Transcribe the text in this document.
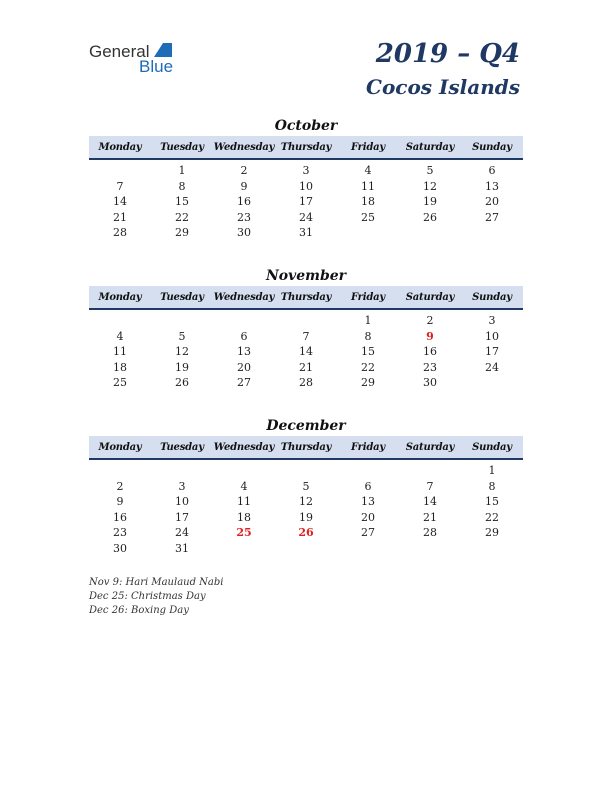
General
Blue	2019 – Q4
Cocos Islands
October
Monday	Tuesday	Wednesday	Thursday	Friday	Saturday	Sunday
	1	2	3	4	5	6
7	8	9	10	11	12	13
14	15	16	17	18	19	20
21	22	23	24	25	26	27
28	29	30	31			
November
Monday	Tuesday	Wednesday	Thursday	Friday	Saturday	Sunday
				1	2	3
4	5	6	7	8	9	10
11	12	13	14	15	16	17
18	19	20	21	22	23	24
25	26	27	28	29	30	
December
Monday	Tuesday	Wednesday	Thursday	Friday	Saturday	Sunday
						1
2	3	4	5	6	7	8
9	10	11	12	13	14	15
16	17	18	19	20	21	22
23	24	25	26	27	28	29
30	31					
Nov 9: Hari Maulaud Nabi
Dec 25: Christmas Day
Dec 26: Boxing Day
